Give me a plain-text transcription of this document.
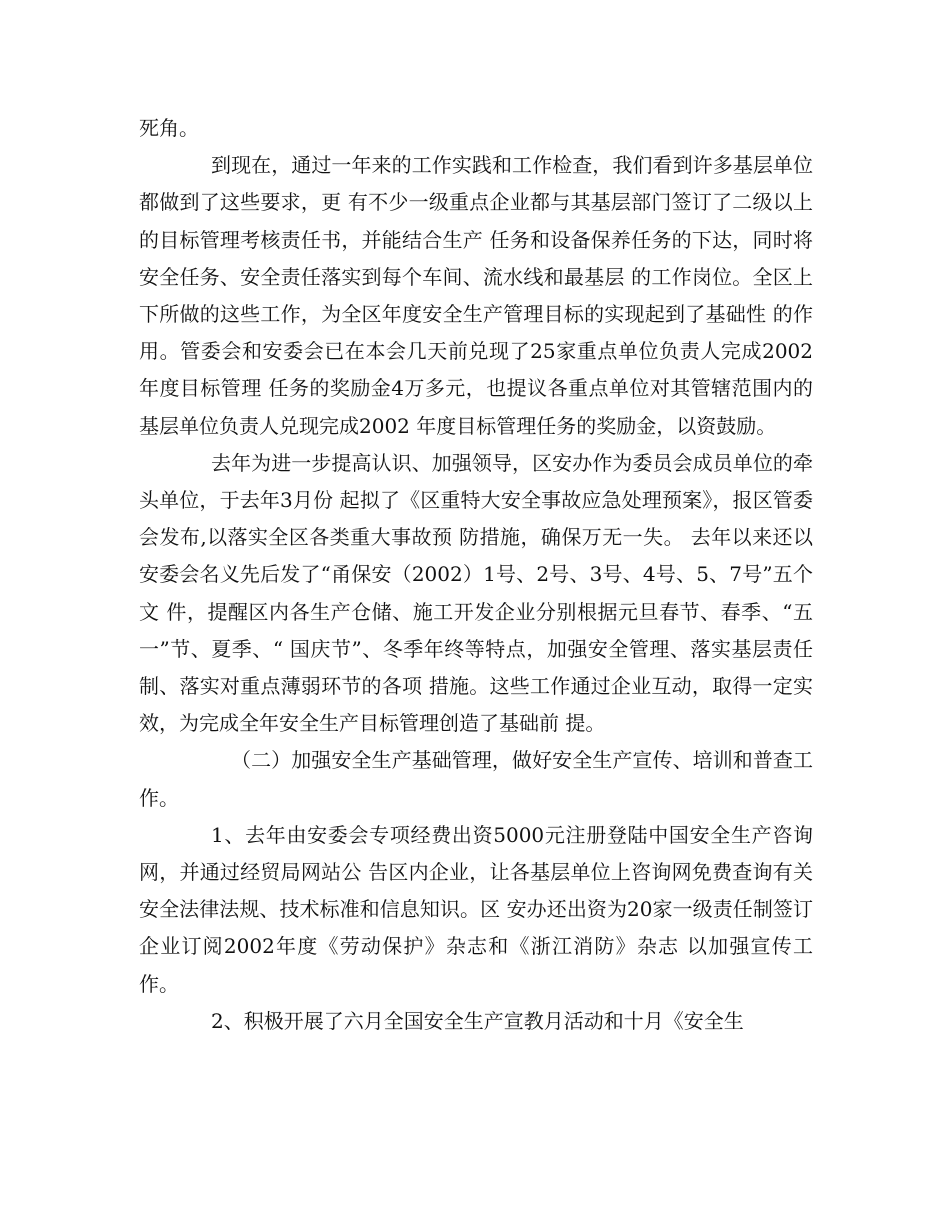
死角。

到现在，通过一年来的工作实践和工作检查，我们看到许多基层单位都做到了这些要求，更 有不少一级重点企业都与其基层部门签订了二级以上的目标管理考核责任书，并能结合生产 任务和设备保养任务的下达，同时将安全任务、安全责任落实到每个车间、流水线和最基层 的工作岗位。全区上下所做的这些工作，为全区年度安全生产管理目标的实现起到了基础性 的作用。管委会和安委会已在本会几天前兑现了25家重点单位负责人完成2002年度目标管理 任务的奖励金4万多元，也提议各重点单位对其管辖范围内的基层单位负责人兑现完成2002 年度目标管理任务的奖励金，以资鼓励。

去年为进一步提高认识、加强领导，区安办作为委员会成员单位的牵头单位，于去年3月份 起拟了《区重特大安全事故应急处理预案》，报区管委会发布,以落实全区各类重大事故预 防措施，确保万无一失。 去年以来还以安委会名义先后发了“甬保安（2002）1号、2号、3号、4号、5、7号”五个文 件，提醒区内各生产仓储、施工开发企业分别根据元旦春节、春季、“五一”节、夏季、“ 国庆节”、冬季年终等特点，加强安全管理、落实基层责任制、落实对重点薄弱环节的各项 措施。这些工作通过企业互动，取得一定实效，为完成全年安全生产目标管理创造了基础前 提。

（二）加强安全生产基础管理，做好安全生产宣传、培训和普查工作。

1、去年由安委会专项经费出资5000元注册登陆中国安全生产咨询网，并通过经贸局网站公 告区内企业，让各基层单位上咨询网免费查询有关安全法律法规、技术标准和信息知识。区 安办还出资为20家一级责任制签订企业订阅2002年度《劳动保护》杂志和《浙江消防》杂志 以加强宣传工作。

2、积极开展了六月全国安全生产宣教月活动和十月《安全生
